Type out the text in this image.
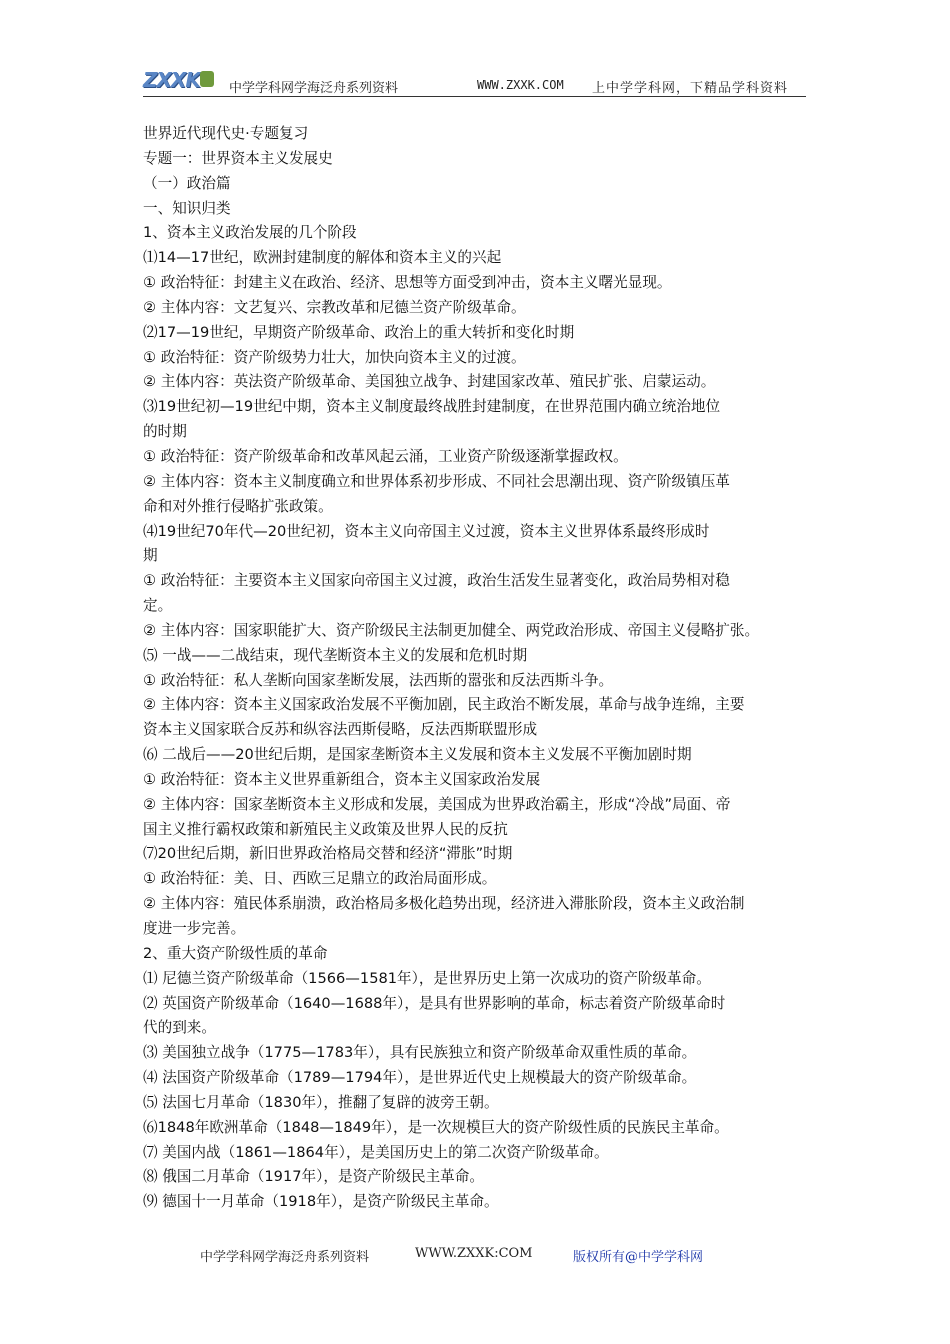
ZXXK 中学学科网学海泛舟系列资料	WWW.ZXXK.COM 上中学学科网，下精品学科资料
世界近代现代史·专题复习
专题一：世界资本主义发展史
（一）政治篇
一、知识归类
1、资本主义政治发展的几个阶段
⑴14—17世纪，欧洲封建制度的解体和资本主义的兴起
① 政治特征：封建主义在政治、经济、思想等方面受到冲击，资本主义曙光显现。
② 主体内容：文艺复兴、宗教改革和尼德兰资产阶级革命。
⑵17—19世纪，早期资产阶级革命、政治上的重大转折和变化时期
① 政治特征：资产阶级势力壮大，加快向资本主义的过渡。
② 主体内容：英法资产阶级革命、美国独立战争、封建国家改革、殖民扩张、启蒙运动。
⑶19世纪初—19世纪中期，资本主义制度最终战胜封建制度，在世界范围内确立统治地位
的时期
① 政治特征：资产阶级革命和改革风起云涌，工业资产阶级逐渐掌握政权。
② 主体内容：资本主义制度确立和世界体系初步形成、不同社会思潮出现、资产阶级镇压革
命和对外推行侵略扩张政策。
⑷19世纪70年代—20世纪初，资本主义向帝国主义过渡，资本主义世界体系最终形成时
期
① 政治特征：主要资本主义国家向帝国主义过渡，政治生活发生显著变化，政治局势相对稳
定。
② 主体内容：国家职能扩大、资产阶级民主法制更加健全、两党政治形成、帝国主义侵略扩张。
⑸ 一战——二战结束，现代垄断资本主义的发展和危机时期
① 政治特征：私人垄断向国家垄断发展，法西斯的嚣张和反法西斯斗争。
② 主体内容：资本主义国家政治发展不平衡加剧，民主政治不断发展，革命与战争连绵，主要
资本主义国家联合反苏和纵容法西斯侵略，反法西斯联盟形成
⑹ 二战后——20世纪后期，是国家垄断资本主义发展和资本主义发展不平衡加剧时期
① 政治特征：资本主义世界重新组合，资本主义国家政治发展
② 主体内容：国家垄断资本主义形成和发展，美国成为世界政治霸主，形成“冷战”局面、帝
国主义推行霸权政策和新殖民主义政策及世界人民的反抗
⑺20世纪后期，新旧世界政治格局交替和经济“滞胀”时期
① 政治特征：美、日、西欧三足鼎立的政治局面形成。
② 主体内容：殖民体系崩溃，政治格局多极化趋势出现，经济进入滞胀阶段，资本主义政治制
度进一步完善。
2、重大资产阶级性质的革命
⑴ 尼德兰资产阶级革命（1566—1581年），是世界历史上第一次成功的资产阶级革命。
⑵ 英国资产阶级革命（1640—1688年），是具有世界影响的革命，标志着资产阶级革命时
代的到来。
⑶ 美国独立战争（1775—1783年），具有民族独立和资产阶级革命双重性质的革命。
⑷ 法国资产阶级革命（1789—1794年），是世界近代史上规模最大的资产阶级革命。
⑸ 法国七月革命（1830年），推翻了复辟的波旁王朝。
⑹1848年欧洲革命（1848—1849年），是一次规模巨大的资产阶级性质的民族民主革命。
⑺ 美国内战（1861—1864年），是美国历史上的第二次资产阶级革命。
⑻ 俄国二月革命（1917年），是资产阶级民主革命。
⑼ 德国十一月革命（1918年），是资产阶级民主革命。
中学学科网学海泛舟系列资料	WWW.ZXXK:COM	版权所有@中学学科网
